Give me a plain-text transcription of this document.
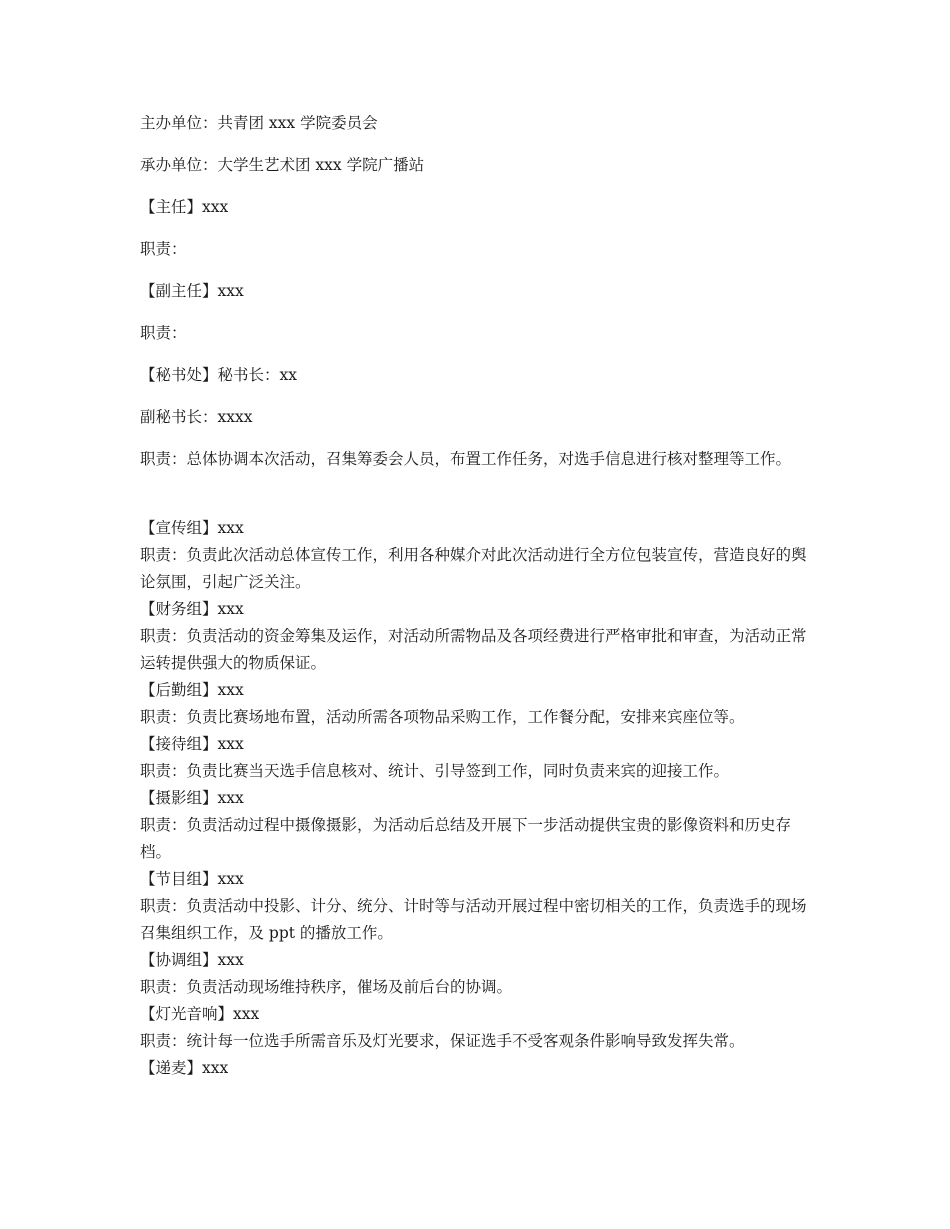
主办单位：共青团 xxx 学院委员会

承办单位：大学生艺术团 xxx 学院广播站

【主任】xxx

职责：

【副主任】xxx

职责：

【秘书处】秘书长：xx

副秘书长：xxxx

职责：总体协调本次活动，召集筹委会人员，布置工作任务，对选手信息进行核对整理等工作。

【宣传组】xxx

职责：负责此次活动总体宣传工作，利用各种媒介对此次活动进行全方位包装宣传，营造良好的舆论氛围，引起广泛关注。

【财务组】xxx

职责：负责活动的资金筹集及运作，对活动所需物品及各项经费进行严格审批和审查，为活动正常运转提供强大的物质保证。

【后勤组】xxx

职责：负责比赛场地布置，活动所需各项物品采购工作，工作餐分配，安排来宾座位等。

【接待组】xxx

职责：负责比赛当天选手信息核对、统计、引导签到工作，同时负责来宾的迎接工作。

【摄影组】xxx

职责：负责活动过程中摄像摄影，为活动后总结及开展下一步活动提供宝贵的影像资料和历史存档。

【节目组】xxx

职责：负责活动中投影、计分、统分、计时等与活动开展过程中密切相关的工作，负责选手的现场召集组织工作，及 ppt 的播放工作。

【协调组】xxx

职责：负责活动现场维持秩序，催场及前后台的协调。

【灯光音响】xxx

职责：统计每一位选手所需音乐及灯光要求，保证选手不受客观条件影响导致发挥失常。

【递麦】xxx
